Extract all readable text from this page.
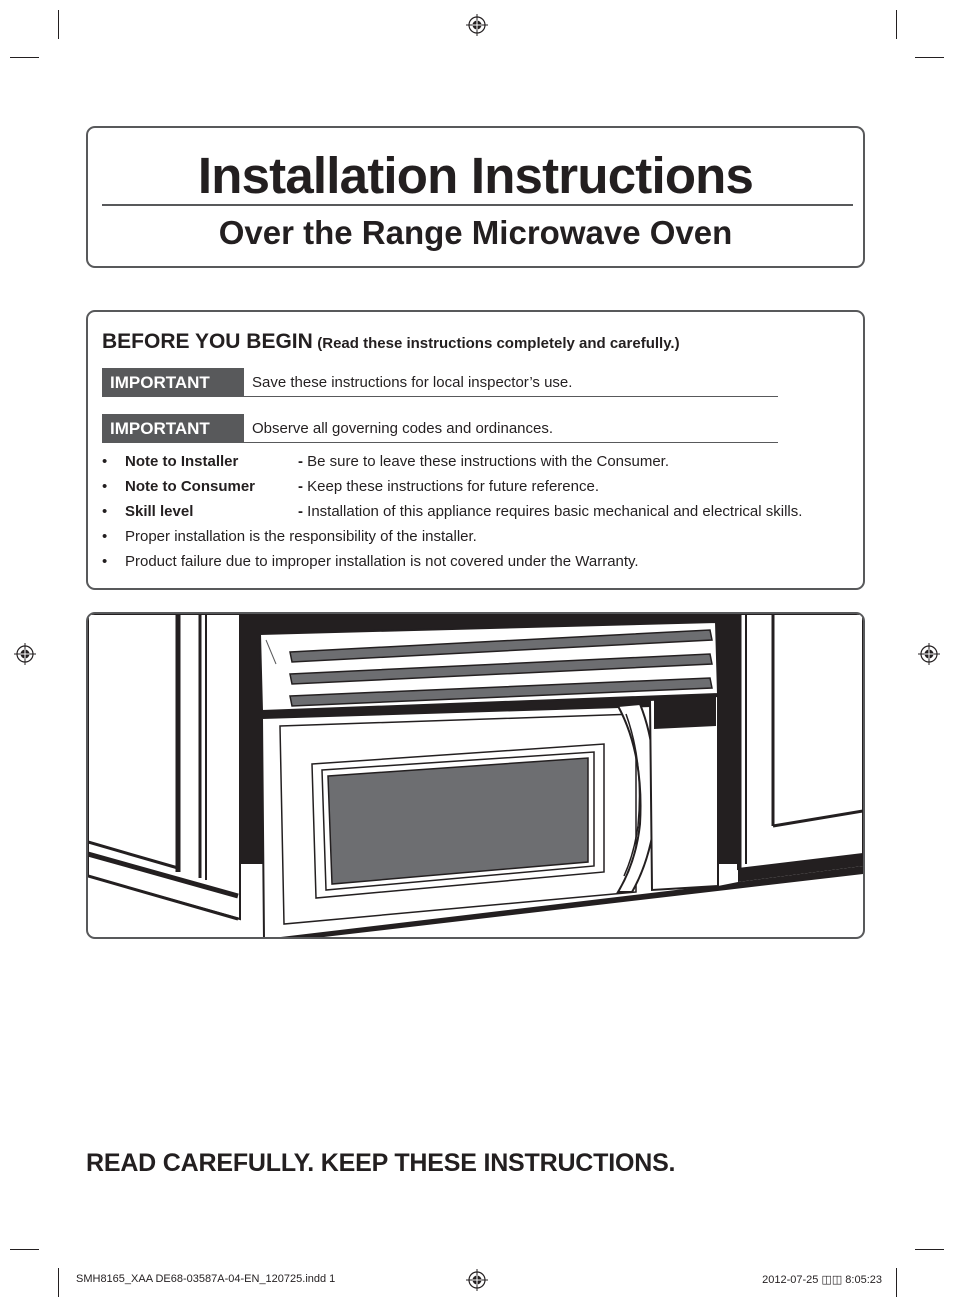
Installation Instructions
Over the Range Microwave Oven
BEFORE YOU BEGIN (Read these instructions completely and carefully.)
IMPORTANT	Save these instructions for local inspector’s use.
IMPORTANT	Observe all governing codes and ordinances.
• Note to Installer	- Be sure to leave these instructions with the Consumer.
• Note to Consumer	- Keep these instructions for future reference.
• Skill level	- Installation of this appliance requires basic mechanical and electrical skills.
• Proper installation is the responsibility of the installer.
• Product failure due to improper installation is not covered under the Warranty.
READ CAREFULLY. KEEP THESE INSTRUCTIONS.
SMH8165_XAA DE68-03587A-04-EN_120725.indd 1	2012-07-25 ◫◫ 8:05:23
